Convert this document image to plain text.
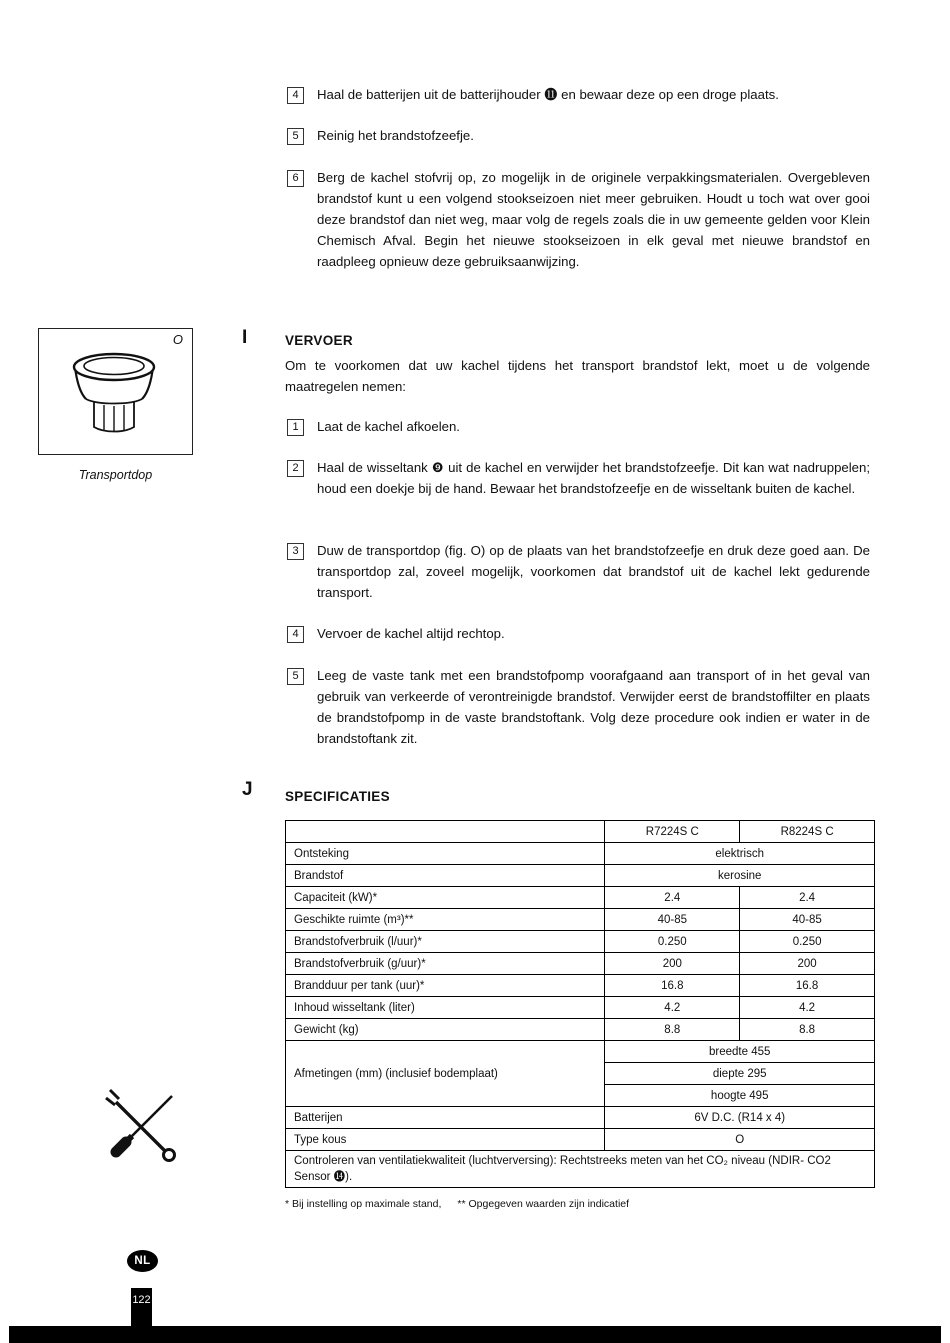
4	Haal de batterijen uit de batterijhouder ⓫ en bewaar deze op een droge plaats.
5	Reinig het brandstofzeefje.
6	Berg de kachel stofvrij op, zo mogelijk in de originele verpakkingsmaterialen. Overgebleven brandstof kunt u een volgend stookseizoen niet meer gebruiken. Houdt u toch wat over gooi deze brandstof dan niet weg, maar volg de regels zoals die in uw gemeente gelden voor Klein Chemisch Afval. Begin het nieuwe stookseizoen in elk geval met nieuwe brandstof en raadpleeg opnieuw deze gebruiksaanwijzing.
O
Transportdop
I	VERVOER
Om te voorkomen dat uw kachel tijdens het transport brandstof lekt, moet u de volgende maatregelen nemen:
1	Laat de kachel afkoelen.
2	Haal de wisseltank ❾ uit de kachel en verwijder het brandstofzeefje. Dit kan wat nadruppelen; houd een doekje bij de hand. Bewaar het brandstofzeefje en de wisseltank buiten de kachel.
3	Duw de transportdop (fig. O) op de plaats van het brandstofzeefje en druk deze goed aan. De transportdop zal, zoveel mogelijk, voorkomen dat brandstof uit de kachel lekt gedurende transport.
4	Vervoer de kachel altijd rechtop.
5	Leeg de vaste tank met een brandstofpomp voorafgaand aan transport of in het geval van gebruik van verkeerde of verontreinigde brandstof. Verwijder eerst de brandstoffilter en plaats de brandstofpomp in de vaste brandstoftank. Volg deze procedure ook indien er water in de brandstoftank zit.
J SPECIFICATIES
	R7224S C	R8224S C
Ontsteking	elektrisch	
Brandstof	kerosine	
Capaciteit (kW)*	2.4	2.4
Geschikte ruimte (m³)**	40-85	40-85
Brandstofverbruik (l/uur)*	0.250	0.250
Brandstofverbruik (g/uur)*	200	200
Brandduur per tank (uur)*	16.8	16.8
Inhoud wisseltank (liter)	4.2	4.2
Gewicht (kg)	8.8	8.8
Afmetingen (mm) (inclusief bodemplaat)	breedte 455	
	diepte 295	
	hoogte 495	
Batterijen	6V D.C. (R14 x 4)	
Type kous	O	
Controleren van ventilatiekwaliteit (luchtverversing): Rechtstreeks meten van het CO₂ niveau (NDIR- CO2 Sensor ⓮).		
* Bij instelling op maximale stand, ** Opgegeven waarden zijn indicatief
NL
122
